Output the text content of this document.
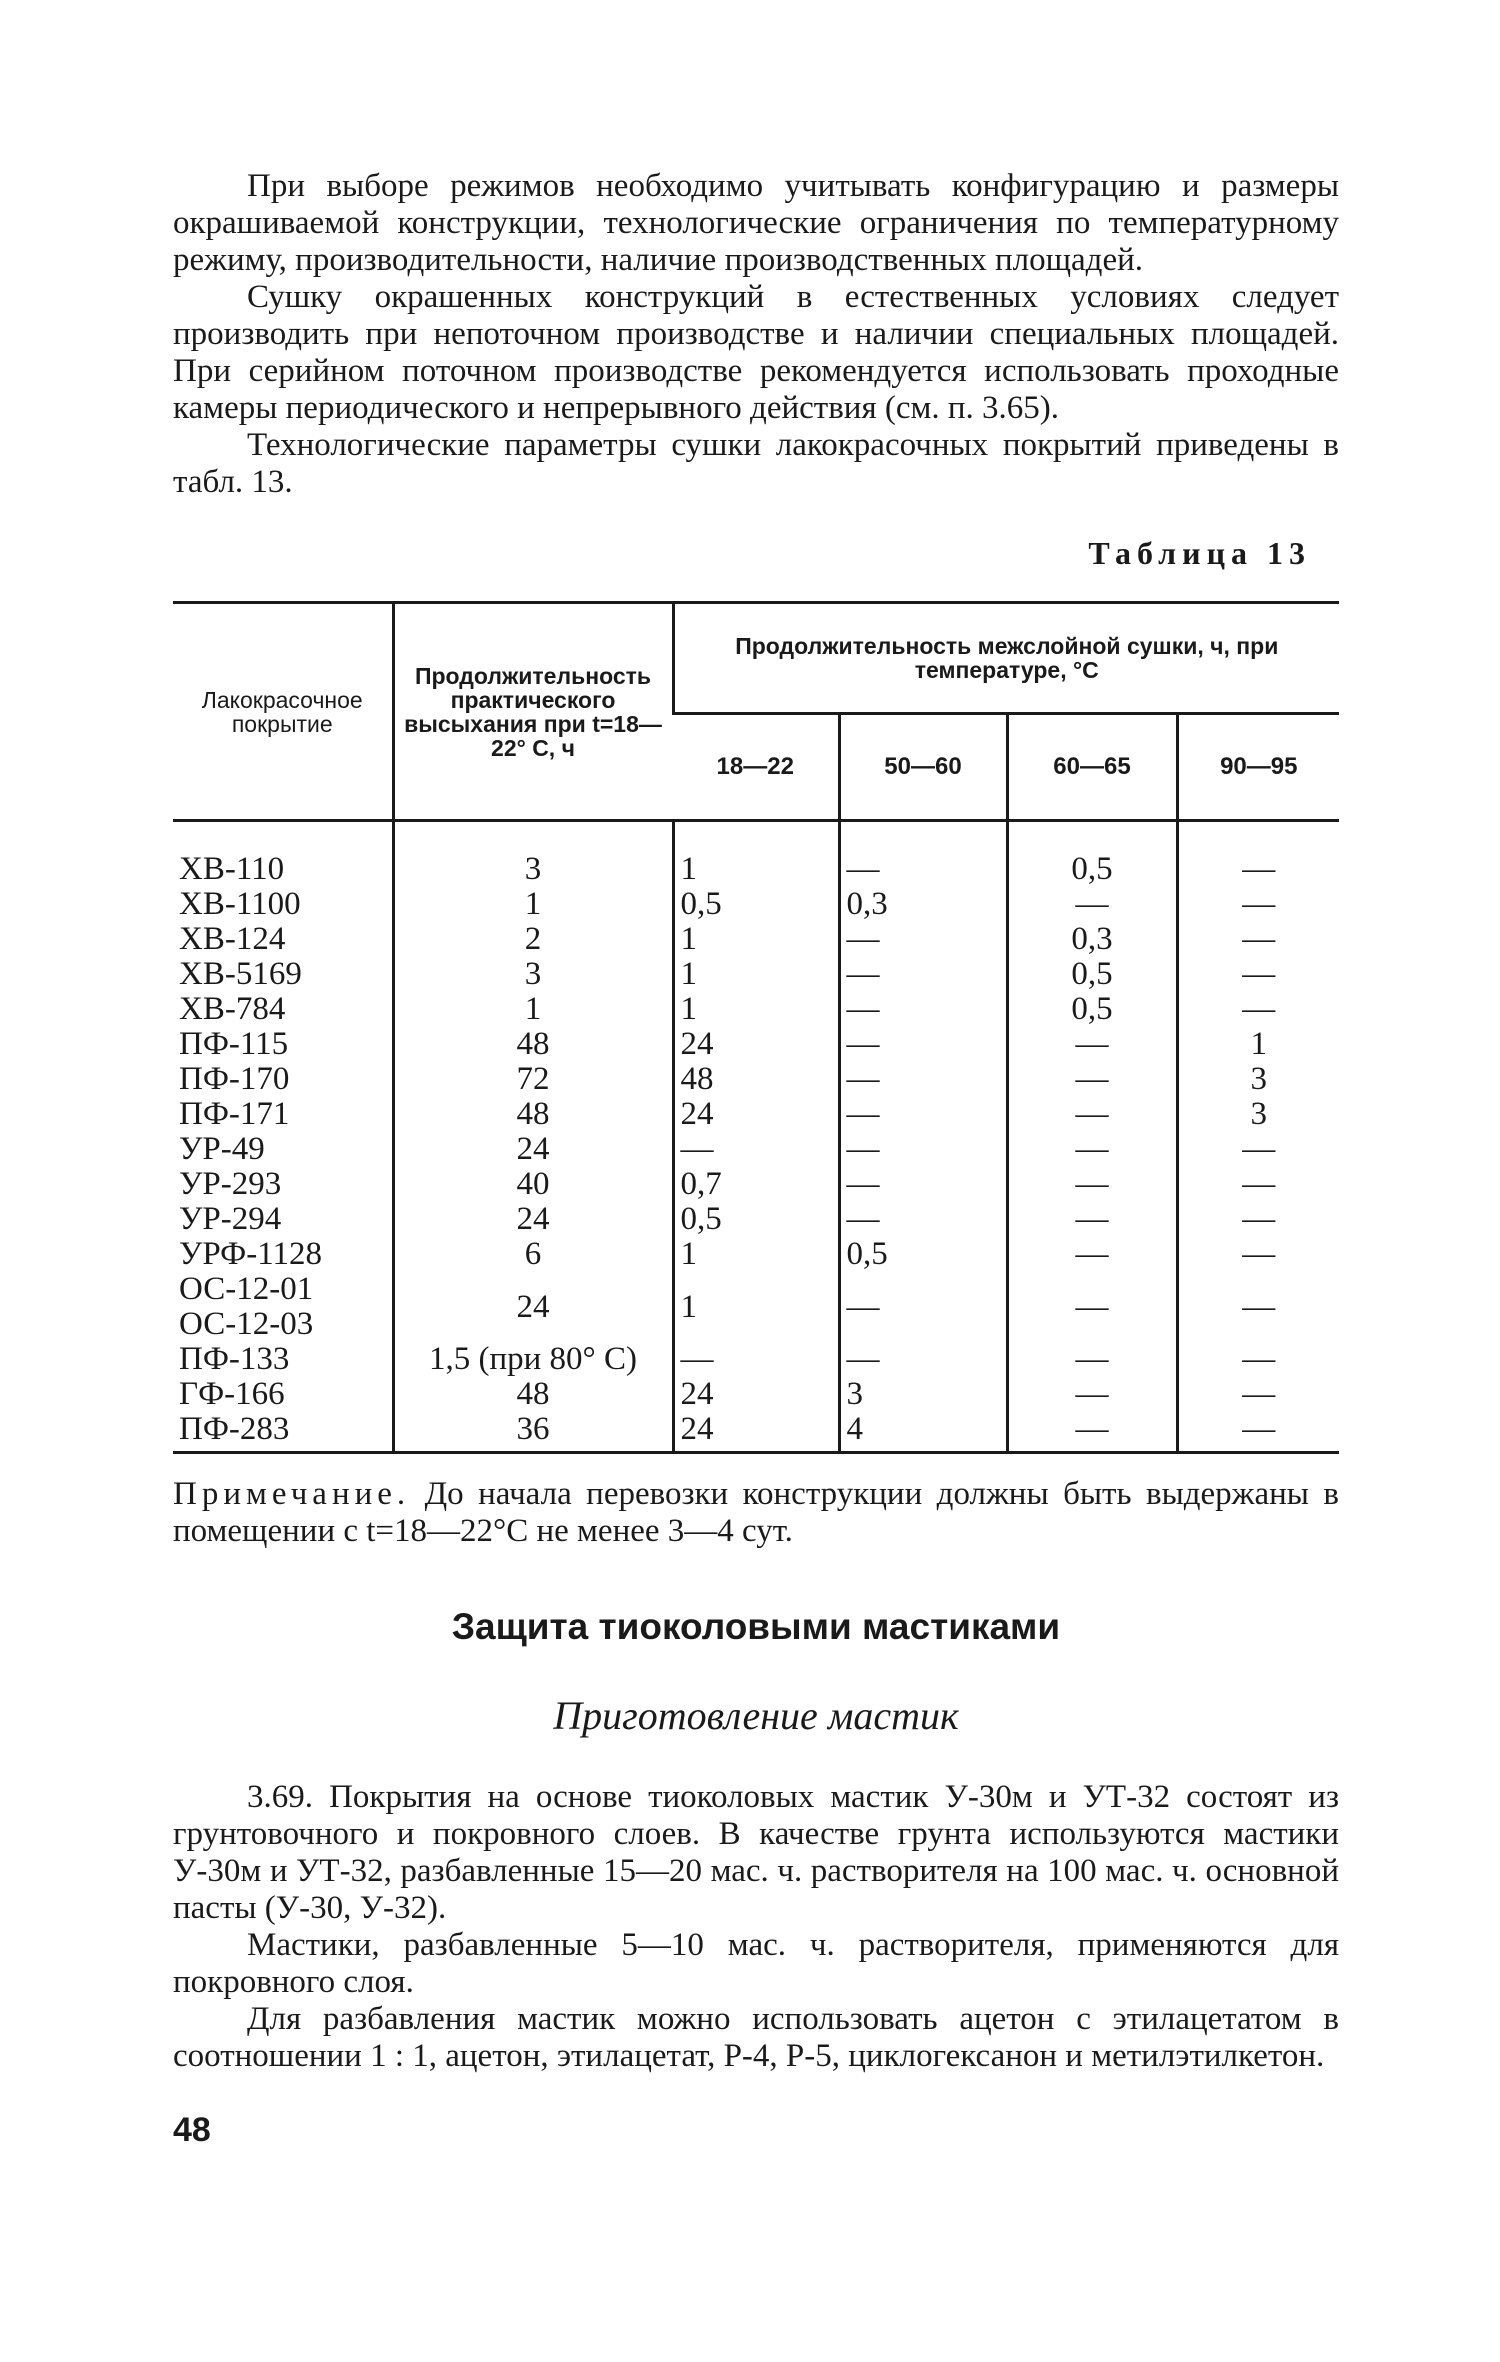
При выборе режимов необходимо учитывать конфигурацию и размеры окрашиваемой конструкции, технологические ограничения по температурному режиму, производительности, наличие производственных площадей.

Сушку окрашенных конструкций в естественных условиях следует производить при непоточном производстве и наличии специальных площадей. При серийном поточном производстве рекомендуется использовать проходные камеры периодического и непрерывного действия (см. п. 3.65).

Технологические параметры сушки лакокрасочных покрытий приведены в табл. 13.

Таблица 13
Лакокрасочное покрытие	Продолжительность практического высыхания при t=18—22° С, ч	Продолжительность межслойной сушки, ч, при температуре, °С			
		18—22	50—60	60—65	90—95
ХВ-110	3	1	—	0,5	—
ХВ-1100	1	0,5	0,3	—	—
ХВ-124	2	1	—	0,3	—
ХВ-5169	3	1	—	0,5	—
ХВ-784	1	1	—	0,5	—
ПФ-115	48	24	—	—	1
ПФ-170	72	48	—	—	3
ПФ-171	48	24	—	—	3
УР-49	24	—	—	—	—
УР-293	40	0,7	—	—	—
УР-294	24	0,5	—	—	—
УРФ-1128	6	1	0,5	—	—
ОС-12-01
ОС-12-03	24	1	—	—	—
ПФ-133	1,5 (при 80° С)	—	—	—	—
ГФ-166	48	24	3	—	—
ПФ-283	36	24	4	—	—

Примечание. До начала перевозки конструкции должны быть выдержаны в помещении с t=18—22°С не менее 3—4 сут.

Защита тиоколовыми мастиками
Приготовление мастик

3.69. Покрытия на основе тиоколовых мастик У-30м и УТ-32 состоят из грунтовочного и покровного слоев. В качестве грунта используются мастики У-30м и УТ-32, разбавленные 15—20 мас. ч. растворителя на 100 мас. ч. основной пасты (У-30, У-32).

Мастики, разбавленные 5—10 мас. ч. растворителя, применяются для покровного слоя.

Для разбавления мастик можно использовать ацетон с этилацетатом в соотношении 1 : 1, ацетон, этилацетат, Р-4, Р-5, циклогексанон и метилэтилкетон.

48
